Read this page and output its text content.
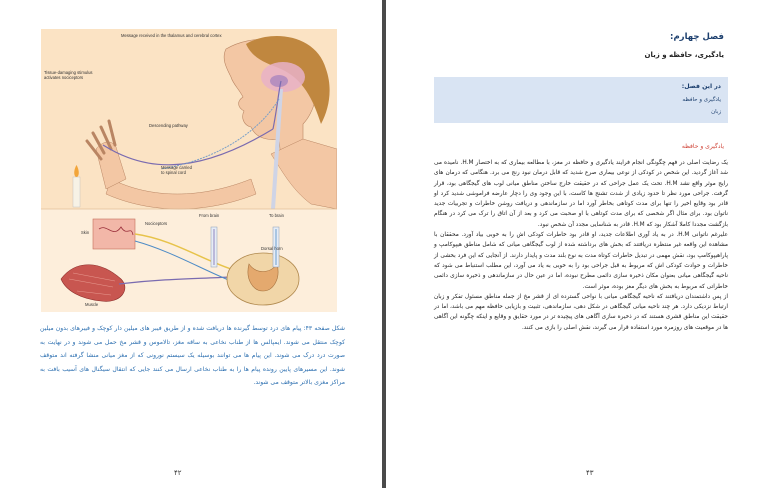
Message received in the thalamus and cerebral cortex
Tissue-damaging stimulus
activates nociceptors
Descending pathway
Message carried
to spinal cord
From brain	To brain
Skin
Nociceptors
Dorsal horn
Muscle
شکل صفحه ۴۳: پیام های درد توسط گیرنده ها دریافت شده و از طریق فیبر های میلین دار کوچک و فیبرهای بدون میلین کوچک منتقل می شوند. ایمپالس ها از طناب نخاعی به ساقه مغز، تالاموس و قشر مخ حمل می شوند و در نهایت به صورت درد درک می شوند. این پیام ها می توانند بوسیله یک سیستم نورونی که از مغز میانی منشا گرفته اند متوقف شوند. این مسیرهای پایین رونده پیام ها را به طناب نخاعی ارسال می کنند جایی که انتقال سیگنال های آسیب بافت به مراکز مغزی بالاتر متوقف می شوند.
۴۲
فصل چهارم:
یادگیری، حافظه و زبان
در این فصل:
یادگیری و حافظه
زبان
یادگیری و حافظه

یک رضایت اصلی در فهم چگونگی انجام فرایند یادگیری و حافظه در مغز، با مطالعه بیماری که به اختصار H.M. نامیده می شد آغاز گردید. این شخص در کودکی از نوعی بیماری صرع شدید که قابل درمان نبود رنج می برد. هنگامی که درمان های رایج موثر واقع نشد H.M. تحت یک عمل جراحی که در حقیقت خارج ساختن مناطق میانی لوب های گیجگاهی بود، قرار گرفت. جراحی مورد نظر تا حدود زیادی از شدت تشنج ها کاست، با این وجود وی را دچار عارضه فراموشی شدید کرد او قادر بود وقایع اخیر را تنها برای مدت کوتاهی بخاطر آورد اما در سازماندهی و دریافت روشن خاطرات و تجربیات جدید ناتوان بود. برای مثال اگر شخصی که برای مدت کوتاهی با او صحبت می کرد و بعد از آن اتاق را ترک می کرد در هنگام بازگشت مجددا کاملا آشکار بود که H.M. قادر به شناسایی مجدد آن شخص نبود.

علیرغم ناتوانی H.M. در به یاد آوری اطلاعات جدید، او قادر بود خاطرات کودکی اش را به خوبی بیاد آورد. محققان با مشاهده این واقعه غیر منتظره دریافتند که بخش های برداشته شده از لوب گیجگاهی میانی که شامل مناطق هیپوکامپ و پاراهیپوکامپ بود، نقش مهمی در تبدیل خاطرات کوتاه مدت به نوع بلند مدت و پایدار دارند. از آنجایی که این فرد بخشی از خاطرات و حوادث کودکی اش که مربوط به قبل جراحی بود را به خوبی به یاد می آورد، این مطلب استنباط می شود که ناحیه گیجگاهی میانی بعنوان مکان ذخیره سازی دائمی مطرح نبوده، اما در عین حال در سازماندهی و ذخیره سازی دائمی خاطراتی که مربوط به بخش های دیگر مغز بوده، موثر است.

از پس داشتمندان دریافتند که ناحیه گیجگاهی میانی با نواحی گسترده ای از قشر مخ از جمله مناطق مسئول تفکر و زبان ارتباط نزدیکی دارد. هر چند ناحیه میانی گیجگاهی در شکل دهی، سازماندهی، تثبیت و بازیابی حافظه مهم می باشد، اما در حقیقت این مناطق قشری هستند که در ذخیره سازی آگاهی های پیچیده تر در مورد حقایق و وقایع و اینکه چگونه این آگاهی ها در موقعیت های روزمره مورد استفاده قرار می گیرند، نقش اصلی را بازی می کنند.

۴۳
